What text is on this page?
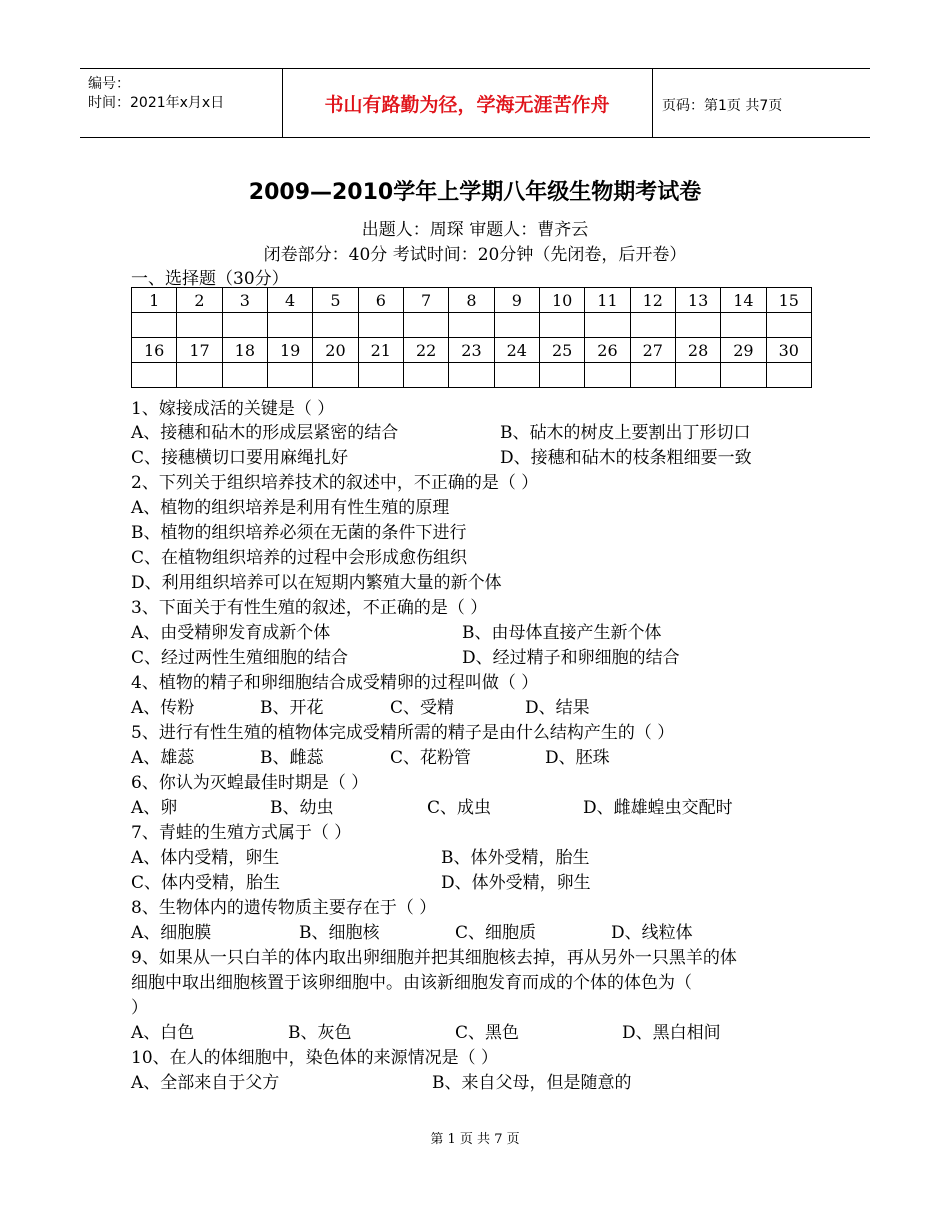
编号：
时间：2021年x月x日	书山有路勤为径，学海无涯苦作舟	页码：第1页 共7页
2009—2010学年上学期八年级生物期考试卷
出题人：周琛 审题人：曹齐云
闭卷部分：40分 考试时间：20分钟（先闭卷，后开卷）
一、选择题（30分）
1	2	3	4	5	6	7	8	9	10	11	12	13	14	15

16	17	18	19	20	21	22	23	24	25	26	27	28	29	30

1、嫁接成活的关键是（ ）
A、接穗和砧木的形成层紧密的结合	B、砧木的树皮上要割出丁形切口
C、接穗横切口要用麻绳扎好	D、接穗和砧木的枝条粗细要一致
2、下列关于组织培养技术的叙述中，不正确的是（ ）
A、植物的组织培养是利用有性生殖的原理
B、植物的组织培养必须在无菌的条件下进行
C、在植物组织培养的过程中会形成愈伤组织
D、利用组织培养可以在短期内繁殖大量的新个体
3、下面关于有性生殖的叙述，不正确的是（ ）
A、由受精卵发育成新个体	B、由母体直接产生新个体
C、经过两性生殖细胞的结合	D、经过精子和卵细胞的结合
4、植物的精子和卵细胞结合成受精卵的过程叫做（ ）
A、传粉	B、开花	C、受精	D、结果
5、进行有性生殖的植物体完成受精所需的精子是由什么结构产生的（ ）
A、雄蕊	B、雌蕊	C、花粉管	D、胚珠
6、你认为灭蝗最佳时期是（ ）
A、卵	B、幼虫	C、成虫	D、雌雄蝗虫交配时
7、青蛙的生殖方式属于（ ）
A、体内受精，卵生	B、体外受精，胎生
C、体内受精，胎生	D、体外受精，卵生
8、生物体内的遗传物质主要存在于（ ）
A、细胞膜	B、细胞核	C、细胞质	D、线粒体
9、如果从一只白羊的体内取出卵细胞并把其细胞核去掉，再从另外一只黑羊的体
细胞中取出细胞核置于该卵细胞中。由该新细胞发育而成的个体的体色为（
）
A、白色	B、灰色	C、黑色	D、黑白相间
10、在人的体细胞中，染色体的来源情况是（ ）
A、全部来自于父方	B、来自父母，但是随意的
第 1 页 共 7 页
